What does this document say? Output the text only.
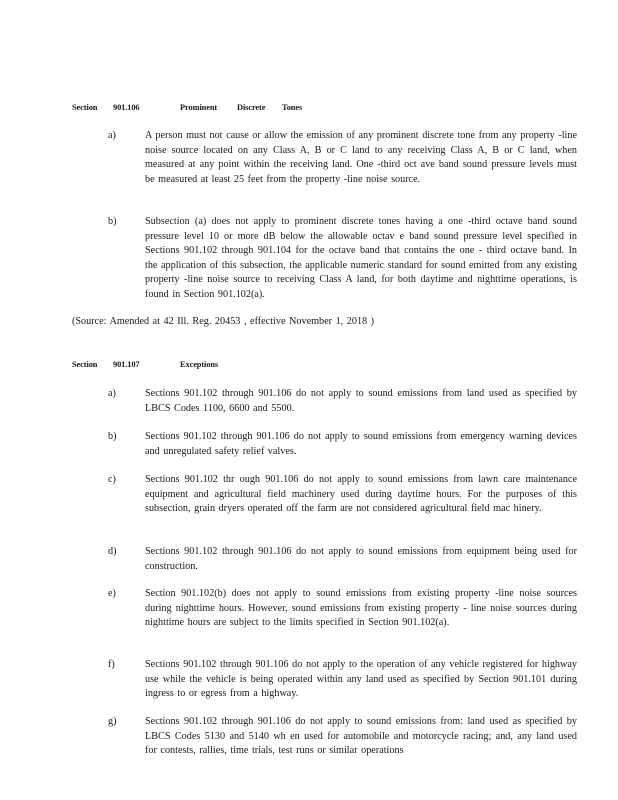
Section 901.106	Prominent Discrete Tones
a)	A person must not cause or allow the emission of any prominent discrete tone from any property -line noise source located on any Class A, B or C land to any receiving Class A, B or C land, when measured at any point within the receiving land. One -third oct ave band sound pressure levels must be measured at least 25 feet from the property -line noise source.
b)	Subsection (a) does not apply to prominent discrete tones having a one -third octave band sound pressure level 10 or more dB below the allowable octav e band sound pressure level specified in Sections 901.102 through 901.104 for the octave band that contains the one - third octave band. In the application of this subsection, the applicable numeric standard for sound emitted from any existing property -line noise source to receiving Class A land, for both daytime and nighttime operations, is found in Section 901.102(a).
(Source: Amended at 42 Ill. Reg. 20453 , effective November 1, 2018 )
Section 901.107	Exceptions
a)	Sections 901.102 through 901.106 do not apply to sound emissions from land used as specified by LBCS Codes 1100, 6600 and 5500.
b)	Sections 901.102 through 901.106 do not apply to sound emissions from emergency warning devices and unregulated safety relief valves.
c)	Sections 901.102 thr ough 901.106 do not apply to sound emissions from lawn care maintenance equipment and agricultural field machinery used during daytime hours. For the purposes of this subsection, grain dryers operated off the farm are not considered agricultural field mac hinery.
d)	Sections 901.102 through 901.106 do not apply to sound emissions from equipment being used for construction.
e)	Section 901.102(b) does not apply to sound emissions from existing property -line noise sources during nighttime hours. However, sound emissions from existing property - line noise sources during nighttime hours are subject to the limits specified in Section 901.102(a).
f)	Sections 901.102 through 901.106 do not apply to the operation of any vehicle registered for highway use while the vehicle is being operated within any land used as specified by Section 901.101 during ingress to or egress from a highway.
g)	Sections 901.102 through 901.106 do not apply to sound emissions from: land used as specified by LBCS Codes 5130 and 5140 wh en used for automobile and motorcycle racing; and, any land used for contests, rallies, time trials, test runs or similar operations
